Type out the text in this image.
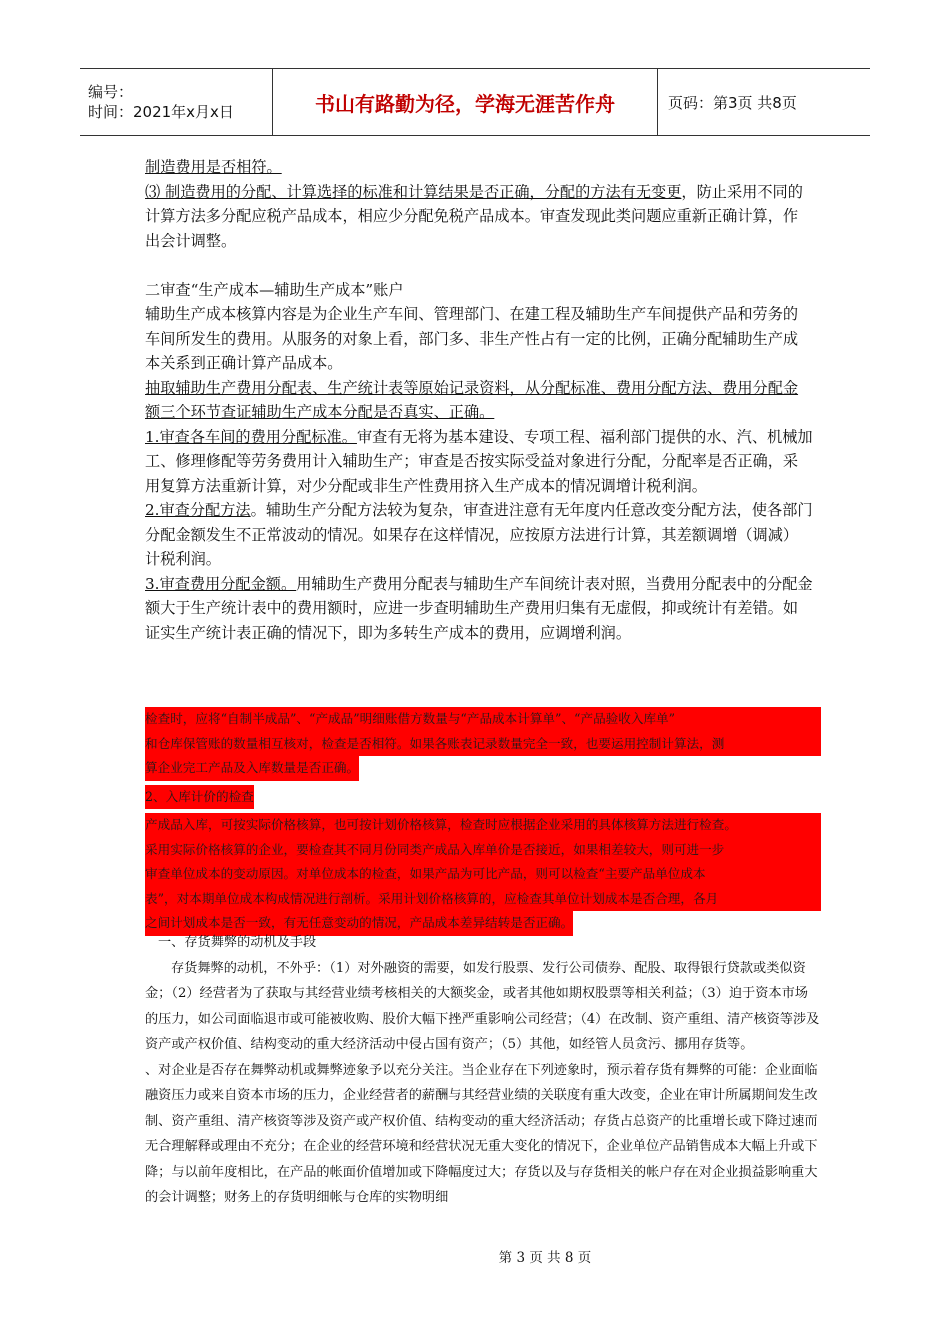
编号：
时间：2021年x月x日	书山有路勤为径，学海无涯苦作舟	页码：第3页 共8页

制造费用是否相符。

⑶ 制造费用的分配、计算选择的标准和计算结果是否正确，分配的方法有无变更，防止采用不同的计算方法多分配应税产品成本，相应少分配免税产品成本。审查发现此类问题应重新正确计算，作出会计调整。

二审查“生产成本—辅助生产成本”账户

辅助生产成本核算内容是为企业生产车间、管理部门、在建工程及辅助生产车间提供产品和劳务的车间所发生的费用。从服务的对象上看，部门多、非生产性占有一定的比例，正确分配辅助生产成本关系到正确计算产品成本。

抽取辅助生产费用分配表、生产统计表等原始记录资料，从分配标准、费用分配方法、费用分配金额三个环节查证辅助生产成本分配是否真实、正确。

1.审查各车间的费用分配标准。审查有无将为基本建设、专项工程、福利部门提供的水、汽、机械加工、修理修配等劳务费用计入辅助生产；审查是否按实际受益对象进行分配，分配率是否正确，采用复算方法重新计算，对少分配或非生产性费用挤入生产成本的情况调增计税利润。

2.审查分配方法。辅助生产分配方法较为复杂，审查进注意有无年度内任意改变分配方法，使各部门分配金额发生不正常波动的情况。如果存在这样情况，应按原方法进行计算，其差额调增（调减）计税利润。

3.审查费用分配金额。用辅助生产费用分配表与辅助生产车间统计表对照，当费用分配表中的分配金额大于生产统计表中的费用额时，应进一步查明辅助生产费用归集有无虚假，抑或统计有差错。如证实生产统计表正确的情况下，即为多转生产成本的费用，应调增利润。

检查时，应将“自制半成品”、“产成品”明细账借方数量与“产品成本计算单”、“产品验收入库单”
和仓库保管账的数量相互核对，检查是否相符。如果各账表记录数量完全一致，也要运用控制计算法，测
算企业完工产品及入库数量是否正确。
2、入库计价的检查
产成品入库，可按实际价格核算，也可按计划价格核算，检查时应根据企业采用的具体核算方法进行检查。
采用实际价格核算的企业，要检查其不同月份同类产成品入库单价是否接近，如果相差较大，则可进一步
审查单位成本的变动原因。对单位成本的检查，如果产品为可比产品，则可以检查“主要产品单位成本
表”，对本期单位成本构成情况进行剖析。采用计划价格核算的，应检查其单位计划成本是否合理，各月
之间计划成本是否一致，有无任意变动的情况，产品成本差异结转是否正确。

一、存货舞弊的动机及手段

存货舞弊的动机，不外乎：（1）对外融资的需要，如发行股票、发行公司债券、配股、取得银行贷款或类似资金；（2）经营者为了获取与其经营业绩考核相关的大额奖金，或者其他如期权股票等相关利益；（3）迫于资本市场的压力，如公司面临退市或可能被收购、股价大幅下挫严重影响公司经营；（4）在改制、资产重组、清产核资等涉及资产或产权价值、结构变动的重大经济活动中侵占国有资产；（5）其他，如经管人员贪污、挪用存货等。

、对企业是否存在舞弊动机或舞弊迹象予以充分关注。当企业存在下列迹象时，预示着存货有舞弊的可能：企业面临融资压力或来自资本市场的压力，企业经营者的薪酬与其经营业绩的关联度有重大改变，企业在审计所属期间发生改制、资产重组、清产核资等涉及资产或产权价值、结构变动的重大经济活动；存货占总资产的比重增长或下降过速而无合理解释或理由不充分；在企业的经营环境和经营状况无重大变化的情况下，企业单位产品销售成本大幅上升或下降；与以前年度相比，在产品的帐面价值增加或下降幅度过大；存货以及与存货相关的帐户存在对企业损益影响重大的会计调整；财务上的存货明细帐与仓库的实物明细

第 3 页 共 8 页
